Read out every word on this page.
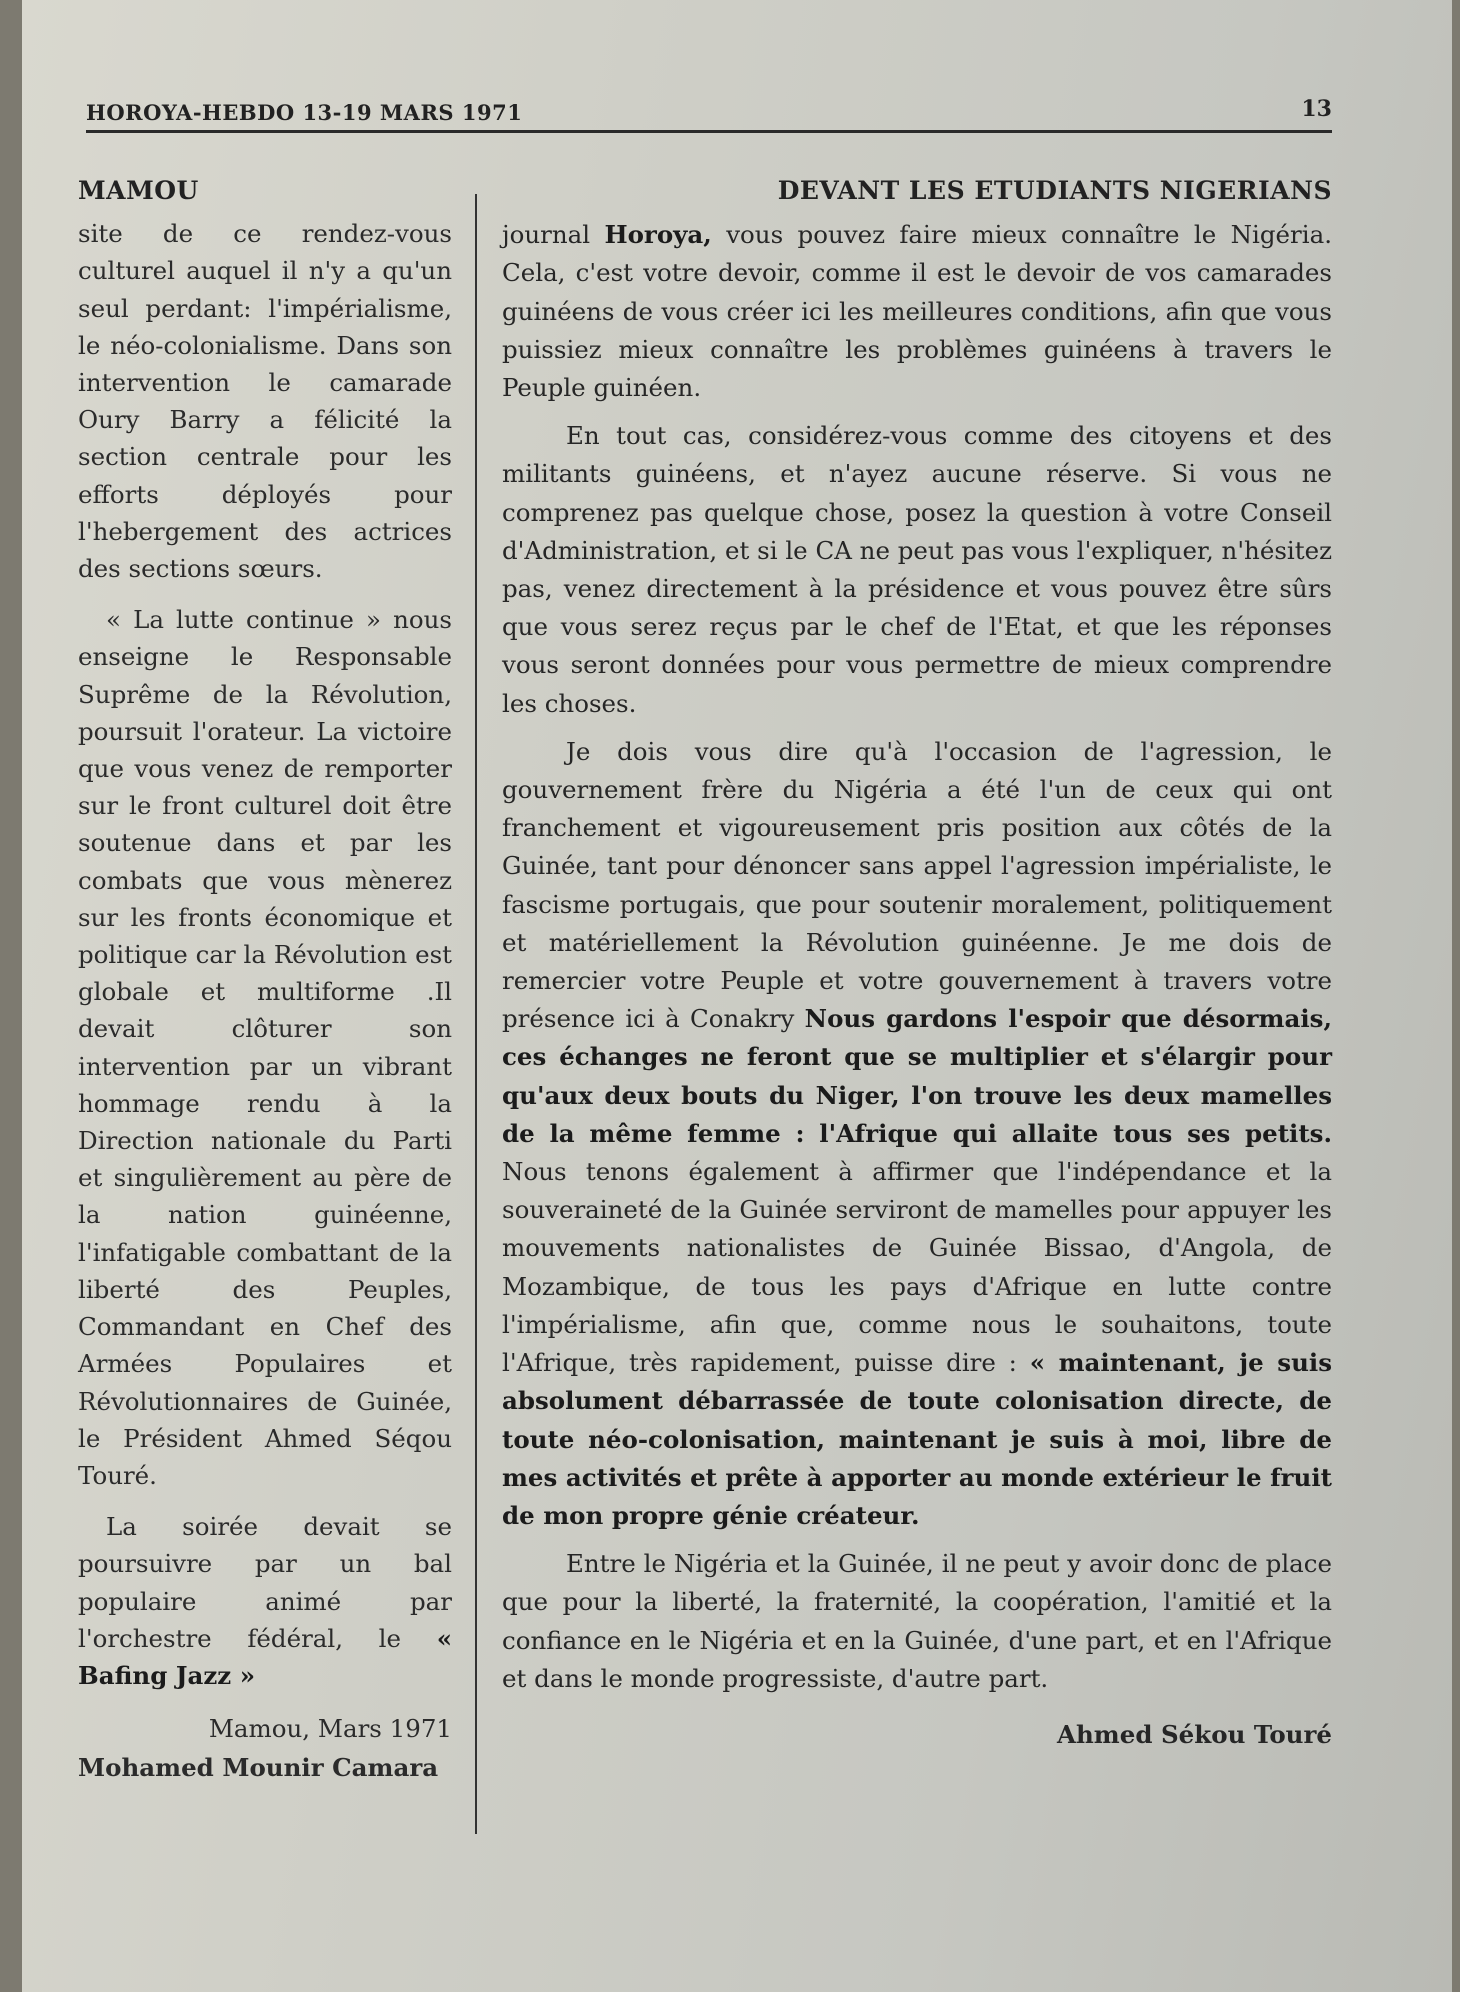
HOROYA-HEBDO 13-19 MARS 1971	13
MAMOU

site de ce rendez-vous culturel auquel il n'y a qu'un seul perdant: l'impérialisme, le néo-colonialisme. Dans son intervention le camarade Oury Barry a félicité la section centrale pour les efforts déployés pour l'hebergement des actrices des sections sœurs.

« La lutte continue » nous enseigne le Responsable Suprême de la Révolution, poursuit l'orateur. La victoire que vous venez de remporter sur le front culturel doit être soutenue dans et par les combats que vous mènerez sur les fronts économique et politique car la Révolution est globale et multiforme .Il devait clôturer son intervention par un vibrant hommage rendu à la Direction nationale du Parti et singulièrement au père de la nation guinéenne, l'infatigable combattant de la liberté des Peuples, Commandant en Chef des Armées Populaires et Révolutionnaires de Guinée, le Président Ahmed Séqou Touré.

La soirée devait se poursuivre par un bal populaire animé par l'orchestre fédéral, le « Bafing Jazz »

Mamou, Mars 1971
Mohamed Mounir Camara
DEVANT LES ETUDIANTS NIGERIANS

journal Horoya, vous pouvez faire mieux connaître le Nigéria. Cela, c'est votre devoir, comme il est le devoir de vos camarades guinéens de vous créer ici les meilleures conditions, afin que vous puissiez mieux connaître les problèmes guinéens à travers le Peuple guinéen.

En tout cas, considérez-vous comme des citoyens et des militants guinéens, et n'ayez aucune réserve. Si vous ne comprenez pas quelque chose, posez la question à votre Conseil d'Administration, et si le CA ne peut pas vous l'expliquer, n'hésitez pas, venez directement à la présidence et vous pouvez être sûrs que vous serez reçus par le chef de l'Etat, et que les réponses vous seront données pour vous permettre de mieux comprendre les choses.

Je dois vous dire qu'à l'occasion de l'agression, le gouvernement frère du Nigéria a été l'un de ceux qui ont franchement et vigoureusement pris position aux côtés de la Guinée, tant pour dénoncer sans appel l'agression impérialiste, le fascisme portugais, que pour soutenir moralement, politiquement et matériellement la Révolution guinéenne. Je me dois de remercier votre Peuple et votre gouvernement à travers votre présence ici à Conakry Nous gardons l'espoir que désormais, ces échanges ne feront que se multiplier et s'élargir pour qu'aux deux bouts du Niger, l'on trouve les deux mamelles de la même femme : l'Afrique qui allaite tous ses petits. Nous tenons également à affirmer que l'indépendance et la souveraineté de la Guinée serviront de mamelles pour appuyer les mouvements nationalistes de Guinée Bissao, d'Angola, de Mozambique, de tous les pays d'Afrique en lutte contre l'impérialisme, afin que, comme nous le souhaitons, toute l'Afrique, très rapidement, puisse dire : « maintenant, je suis absolument débarrassée de toute colonisation directe, de toute néo-colonisation, maintenant je suis à moi, libre de mes activités et prête à apporter au monde extérieur le fruit de mon propre génie créateur.

Entre le Nigéria et la Guinée, il ne peut y avoir donc de place que pour la liberté, la fraternité, la coopération, l'amitié et la confiance en le Nigéria et en la Guinée, d'une part, et en l'Afrique et dans le monde progressiste, d'autre part.

Ahmed Sékou Touré
